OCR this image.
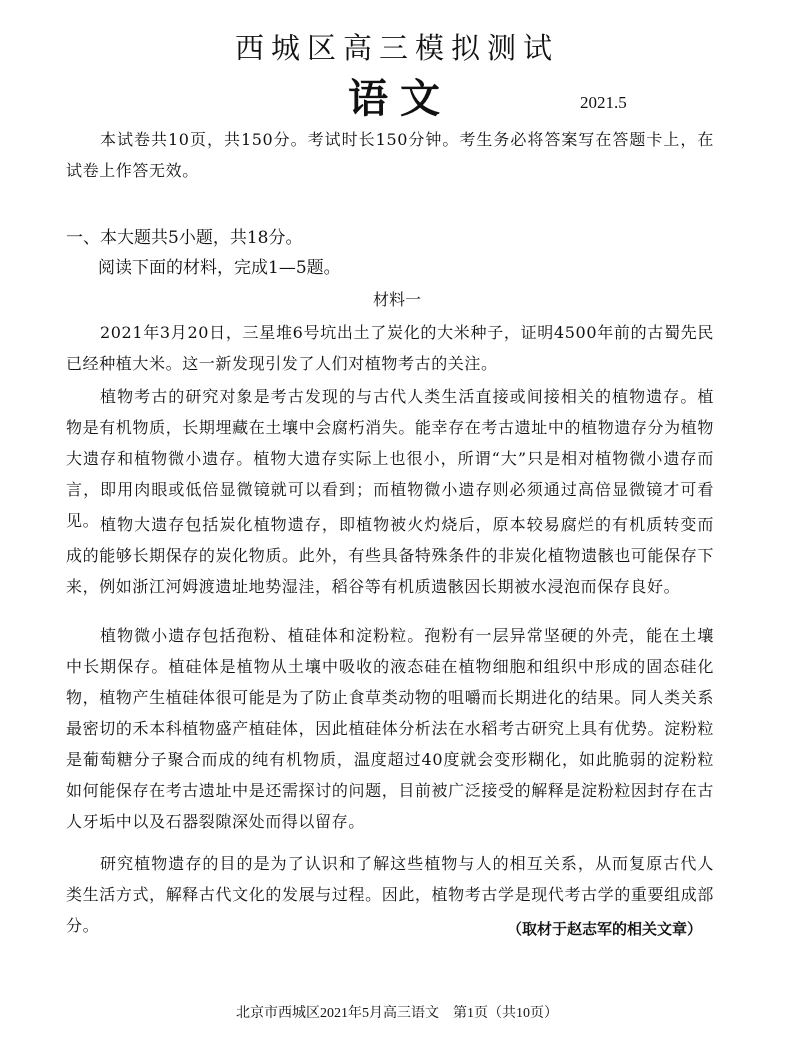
西城区高三模拟测试
语文	2021.5

本试卷共10页，共150分。考试时长150分钟。考生务必将答案写在答题卡上，在试卷上作答无效。

一、本大题共5小题，共18分。
阅读下面的材料，完成1—5题。
材料一

2021年3月20日，三星堆6号坑出土了炭化的大米种子，证明4500年前的古蜀先民已经种植大米。这一新发现引发了人们对植物考古的关注。

植物考古的研究对象是考古发现的与古代人类生活直接或间接相关的植物遗存。植物是有机物质，长期埋藏在土壤中会腐朽消失。能幸存在考古遗址中的植物遗存分为植物大遗存和植物微小遗存。植物大遗存实际上也很小，所谓“大”只是相对植物微小遗存而言，即用肉眼或低倍显微镜就可以看到；而植物微小遗存则必须通过高倍显微镜才可看见。 植物大遗存包括炭化植物遗存，即植物被火灼烧后，原本较易腐烂的有机质转变而成的能够长期保存的炭化物质。此外，有些具备特殊条件的非炭化植物遗骸也可能保存下来，例如浙江河姆渡遗址地势湿洼，稻谷等有机质遗骸因长期被水浸泡而保存良好。

植物微小遗存包括孢粉、植硅体和淀粉粒。孢粉有一层异常坚硬的外壳，能在土壤中长期保存。植硅体是植物从土壤中吸收的液态硅在植物细胞和组织中形成的固态硅化物，植物产生植硅体很可能是为了防止食草类动物的咀嚼而长期进化的结果。同人类关系最密切的禾本科植物盛产植硅体，因此植硅体分析法在水稻考古研究上具有优势。淀粉粒是葡萄糖分子聚合而成的纯有机物质，温度超过40度就会变形糊化，如此脆弱的淀粉粒如何能保存在考古遗址中是还需探讨的问题，目前被广泛接受的解释是淀粉粒因封存在古人牙垢中以及石器裂隙深处而得以留存。

研究植物遗存的目的是为了认识和了解这些植物与人的相互关系，从而复原古代人类生活方式，解释古代文化的发展与过程。因此，植物考古学是现代考古学的重要组成部分。	（取材于赵志军的相关文章）
北京市西城区2021年5月高三语文　第1页（共10页）
